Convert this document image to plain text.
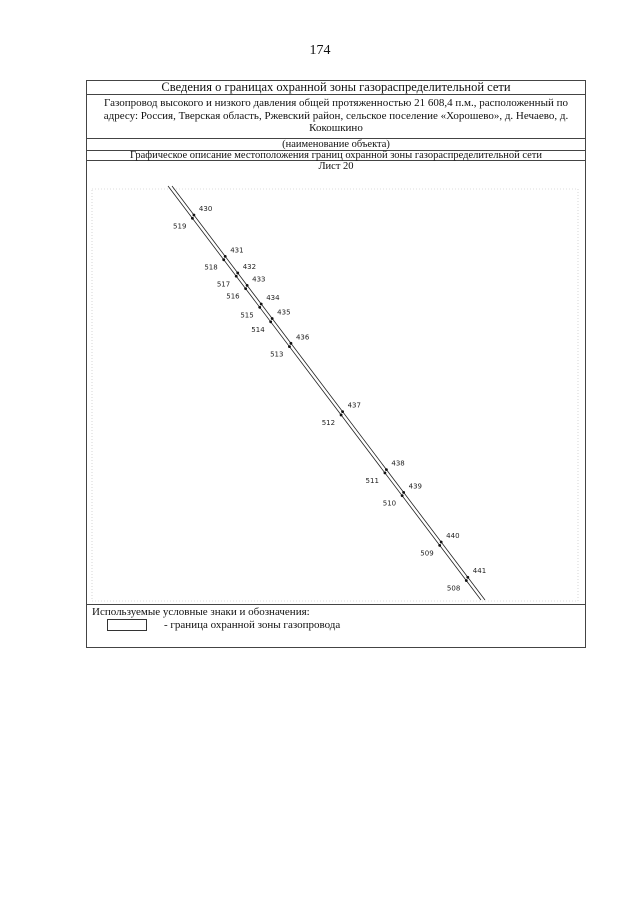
174
Сведения о границах охранной зоны газораспределительной сети
Газопровод высокого и низкого давления общей протяженностью 21 608,4 п.м., расположенный по адресу: Россия, Тверская область, Ржевский район, сельское поселение «Хорошево», д. Нечаево, д. Кокошкино
(наименование объекта)
Графическое описание местоположения границ охранной зоны газораспределительной сети
Лист 20
430
431
432
433
434
435
436
437
438
439
440
441
519
518
517
516
515
514
513
512
511
510
509
508
Используемые условные знаки и обозначения:
- граница охранной зоны газопровода
